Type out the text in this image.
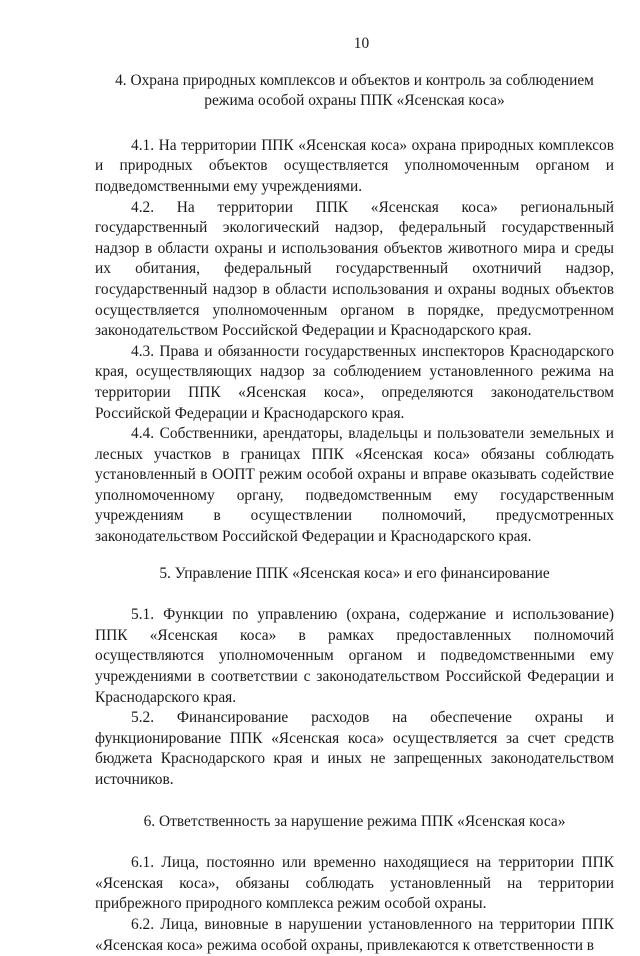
10
4. Охрана природных комплексов и объектов и контроль за соблюдением режима особой охраны ППК «Ясенская коса»

4.1. На территории ППК «Ясенская коса» охрана природных комплексов и природных объектов осуществляется уполномоченным органом и подведомственными ему учреждениями.

4.2. На территории ППК «Ясенская коса» региональный государственный экологический надзор, федеральный государственный надзор в области охраны и использования объектов животного мира и среды их обитания, федеральный государственный охотничий надзор, государственный надзор в области использования и охраны водных объектов осуществляется уполномоченным органом в порядке, предусмотренном законодательством Российской Федерации и Краснодарского края.

4.3. Права и обязанности государственных инспекторов Краснодарского края, осуществляющих надзор за соблюдением установленного режима на территории ППК «Ясенская коса», определяются законодательством Российской Федерации и Краснодарского края.

4.4. Собственники, арендаторы, владельцы и пользователи земельных и лесных участков в границах ППК «Ясенская коса» обязаны соблюдать установленный в ООПТ режим особой охраны и вправе оказывать содействие уполномоченному органу, подведомственным ему государственным учреждениям в осуществлении полномочий, предусмотренных законодательством Российской Федерации и Краснодарского края.

5. Управление ППК «Ясенская коса» и его финансирование

5.1. Функции по управлению (охрана, содержание и использование) ППК «Ясенская коса» в рамках предоставленных полномочий осуществляются уполномоченным органом и подведомственными ему учреждениями в соответствии с законодательством Российской Федерации и Краснодарского края.

5.2. Финансирование расходов на обеспечение охраны и функционирование ППК «Ясенская коса» осуществляется за счет средств бюджета Краснодарского края и иных не запрещенных законодательством источников.

6. Ответственность за нарушение режима ППК «Ясенская коса»

6.1. Лица, постоянно или временно находящиеся на территории ППК «Ясенская коса», обязаны соблюдать установленный на территории прибрежного природного комплекса режим особой охраны.

6.2. Лица, виновные в нарушении установленного на территории ППК «Ясенская коса» режима особой охраны, привлекаются к ответственности в
